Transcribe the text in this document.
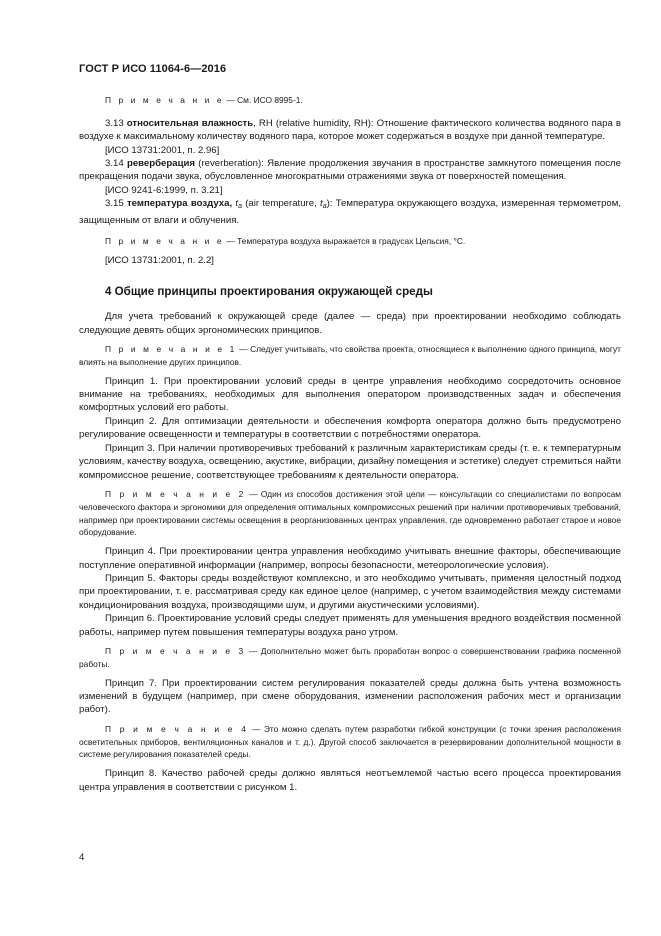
ГОСТ Р ИСО 11064-6—2016

П р и м е ч а н и е — См. ИСО 8995-1.

3.13 относительная влажность, RH (relative humidity, RH): Отношение фактического количества водяного пара в воздухе к максимальному количеству водяного пара, которое может содержаться в воздухе при данной температуре.

[ИСО 13731:2001, п. 2.96]

3.14 реверберация (reverberation): Явление продолжения звучания в пространстве замкнутого помещения после прекращения подачи звука, обусловленное многократными отражениями звука от поверхностей помещения.

[ИСО 9241-6:1999, п. 3.21]

3.15 температура воздуха, $t_a$ (air temperature, $t_a$): Температура окружающего воздуха, измеренная термометром, защищенным от влаги и облучения.

П р и м е ч а н и е — Температура воздуха выражается в градусах Цельсия, °С.

[ИСО 13731:2001, п. 2.2]

4 Общие принципы проектирования окружающей среды

Для учета требований к окружающей среде (далее — среда) при проектировании необходимо соблюдать следующие девять общих эргономических принципов.

П р и м е ч а н и е 1 — Следует учитывать, что свойства проекта, относящиеся к выполнению одного принципа, могут влиять на выполнение других принципов.

Принцип 1. При проектировании условий среды в центре управления необходимо сосредоточить основное внимание на требованиях, необходимых для выполнения оператором производственных задач и обеспечения комфортных условий его работы.

Принцип 2. Для оптимизации деятельности и обеспечения комфорта оператора должно быть предусмотрено регулирование освещенности и температуры в соответствии с потребностями оператора.

Принцип 3. При наличии противоречивых требований к различным характеристикам среды (т. е. к температурным условиям, качеству воздуха, освещению, акустике, вибрации, дизайну помещения и эстетике) следует стремиться найти компромиссное решение, соответствующее требованиям к деятельности оператора.

П р и м е ч а н и е 2 — Один из способов достижения этой цели — консультации со специалистами по вопросам человеческого фактора и эргономики для определения оптимальных компромиссных решений при наличии противоречивых требований, например при проектировании системы освещения в реорганизованных центрах управления, где одновременно работает старое и новое оборудование.

Принцип 4. При проектировании центра управления необходимо учитывать внешние факторы, обеспечивающие поступление оперативной информации (например, вопросы безопасности, метеорологические условия).

Принцип 5. Факторы среды воздействуют комплексно, и это необходимо учитывать, применяя целостный подход при проектировании, т. е. рассматривая среду как единое целое (например, с учетом взаимодействия между системами кондиционирования воздуха, производящими шум, и другими акустическими условиями).

Принцип 6. Проектирование условий среды следует применять для уменьшения вредного воздействия посменной работы, например путем повышения температуры воздуха рано утром.

П р и м е ч а н и е 3 — Дополнительно может быть проработан вопрос о совершенствовании графика посменной работы.

Принцип 7. При проектировании систем регулирования показателей среды должна быть учтена возможность изменений в будущем (например, при смене оборудования, изменении расположения рабочих мест и организации работ).

П р и м е ч а н и е 4 — Это можно сделать путем разработки гибкой конструкции (с точки зрения расположения осветительных приборов, вентиляционных каналов и т. д.). Другой способ заключается в резервировании дополнительной мощности в системе регулирования показателей среды.

Принцип 8. Качество рабочей среды должно являться неотъемлемой частью всего процесса проектирования центра управления в соответствии с рисунком 1.

4
